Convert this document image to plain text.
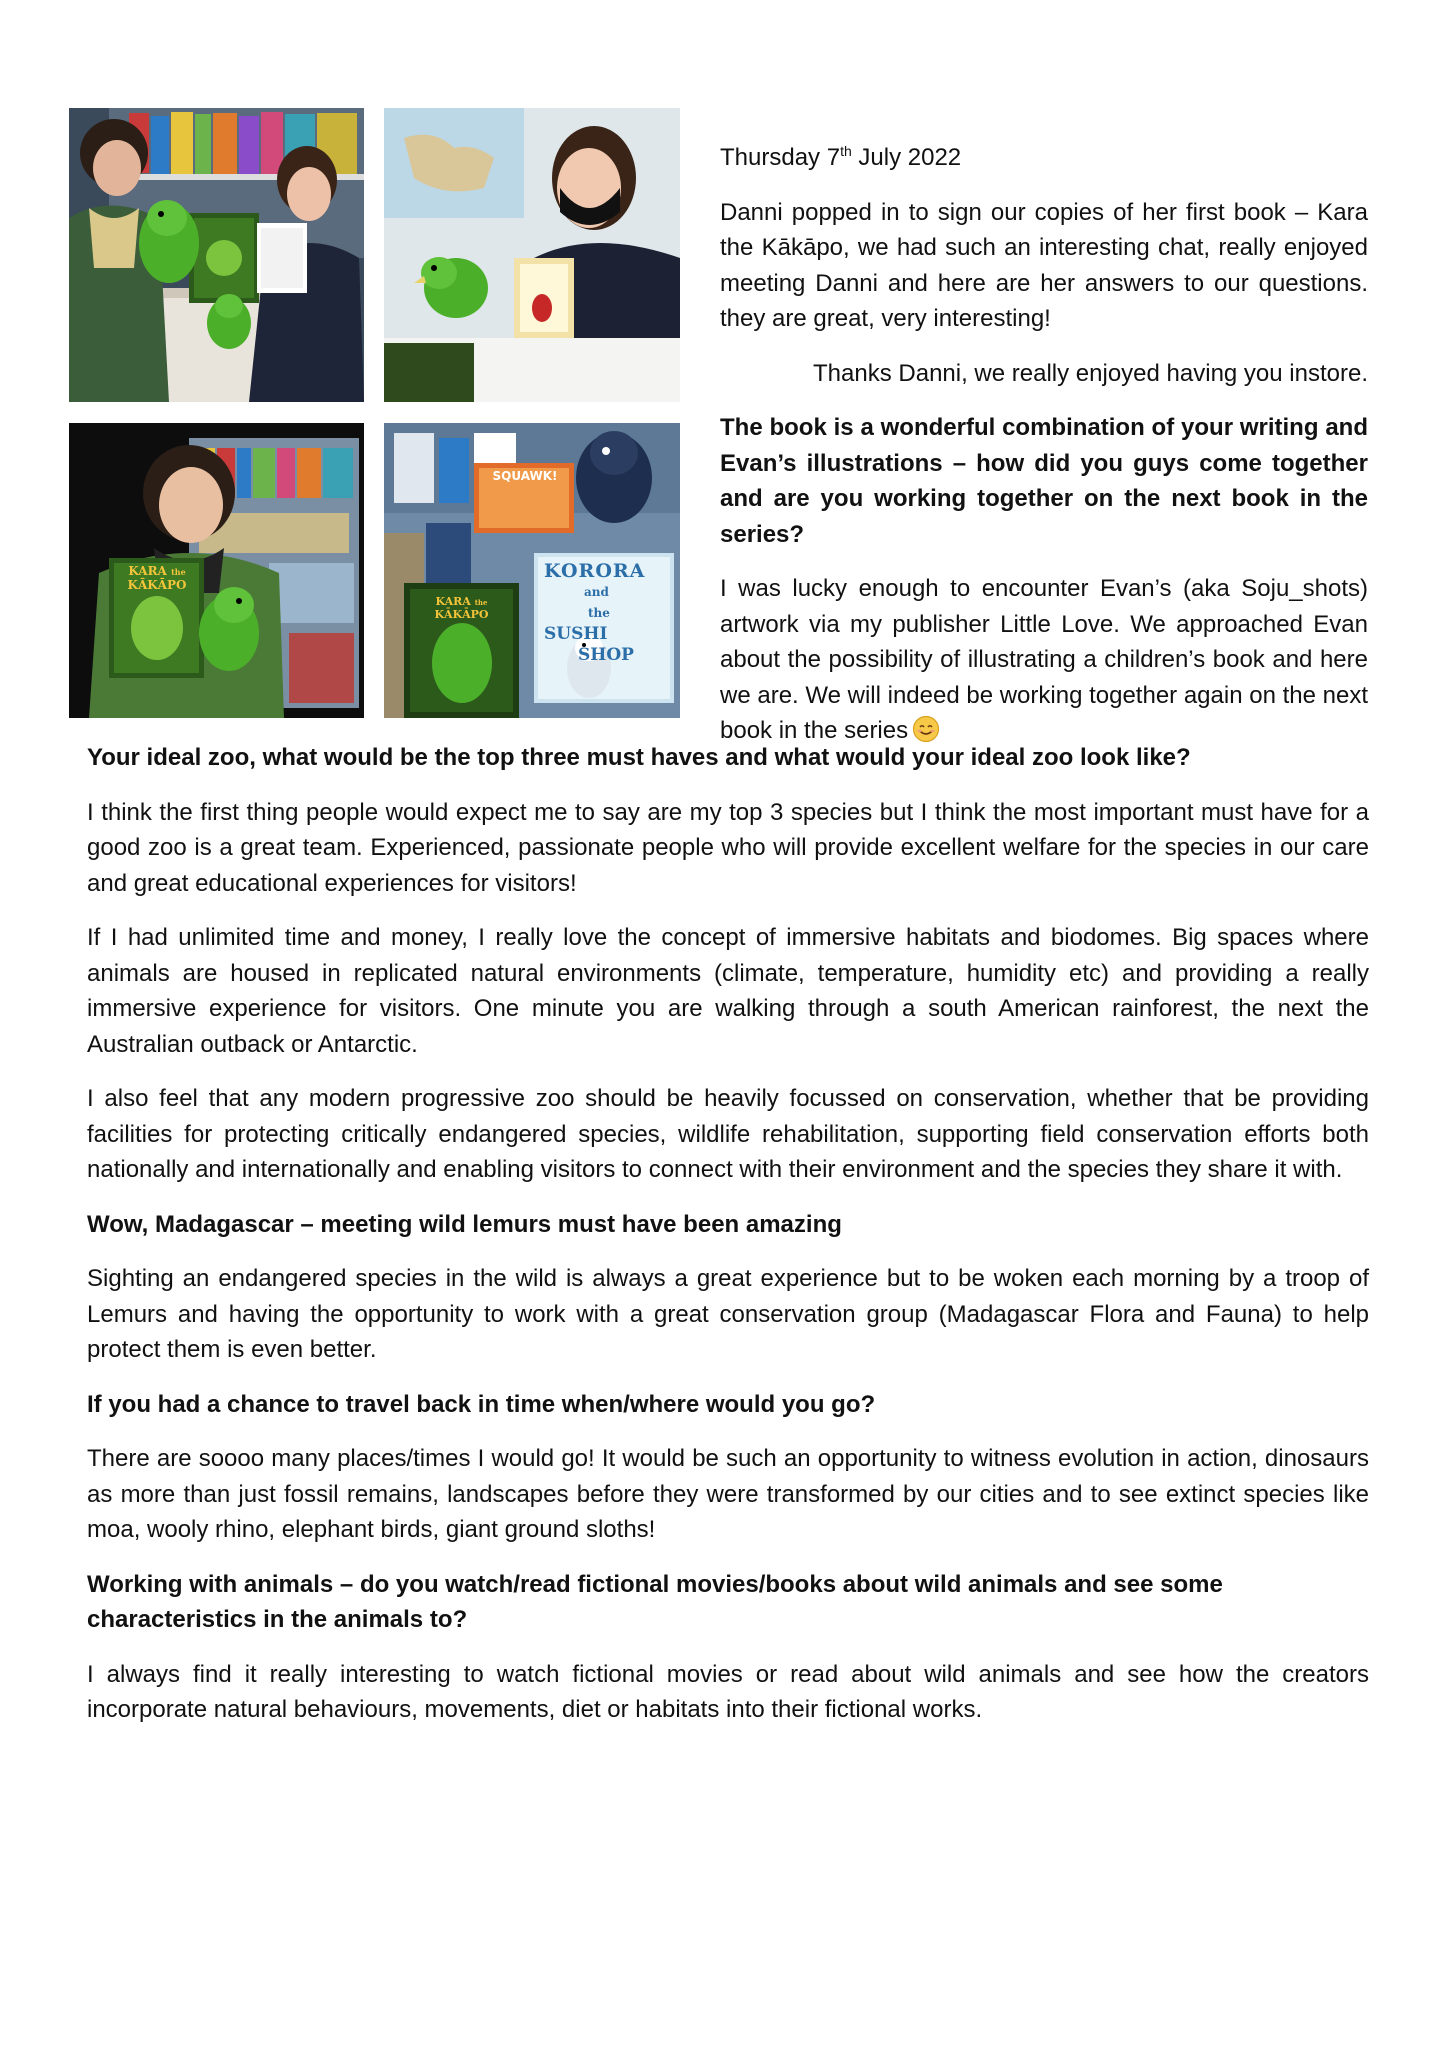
KARA the KĀKĀPO
SQUAWK!
KARA the KĀKĀPO
KORORA
and
the
SUSHI
SHOP

Thursday 7th July 2022

Danni popped in to sign our copies of her first book – Kara the Kākāpo, we had such an interesting chat, really enjoyed meeting Danni and here are her answers to our questions. they are great, very interesting!

Thanks Danni, we really enjoyed having you instore.

The book is a wonderful combination of your writing and Evan’s illustrations – how did you guys come together and are you working together on the next book in the series?

I was lucky enough to encounter Evan’s (aka Soju_shots) artwork via my publisher Little Love. We approached Evan about the possibility of illustrating a children’s book and here we are. We will indeed be working together again on the next book in the series

Your ideal zoo, what would be the top three must haves and what would your ideal zoo look like?

I think the first thing people would expect me to say are my top 3 species but I think the most important must have for a good zoo is a great team. Experienced, passionate people who will provide excellent welfare for the species in our care and great educational experiences for visitors!

If I had unlimited time and money, I really love the concept of immersive habitats and biodomes. Big spaces where animals are housed in replicated natural environments (climate, temperature, humidity etc) and providing a really immersive experience for visitors. One minute you are walking through a south American rainforest, the next the Australian outback or Antarctic.

I also feel that any modern progressive zoo should be heavily focussed on conservation, whether that be providing facilities for protecting critically endangered species, wildlife rehabilitation, supporting field conservation efforts both nationally and internationally and enabling visitors to connect with their environment and the species they share it with.

Wow, Madagascar – meeting wild lemurs must have been amazing

Sighting an endangered species in the wild is always a great experience but to be woken each morning by a troop of Lemurs and having the opportunity to work with a great conservation group (Madagascar Flora and Fauna) to help protect them is even better.

If you had a chance to travel back in time when/where would you go?

There are soooo many places/times I would go! It would be such an opportunity to witness evolution in action, dinosaurs as more than just fossil remains, landscapes before they were transformed by our cities and to see extinct species like moa, wooly rhino, elephant birds, giant ground sloths!

Working with animals – do you watch/read fictional movies/books about wild animals and see some characteristics in the animals to?

I always find it really interesting to watch fictional movies or read about wild animals and see how the creators incorporate natural behaviours, movements, diet or habitats into their fictional works.
